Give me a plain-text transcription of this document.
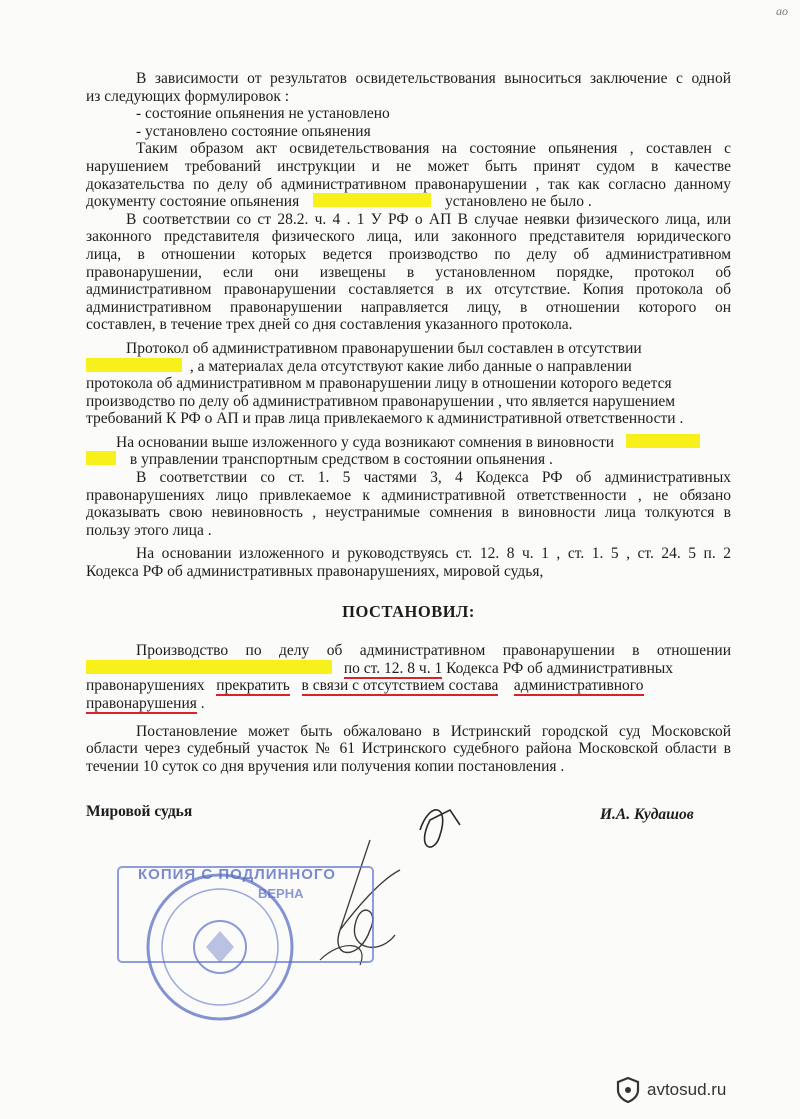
ao
В зависимости от результатов освидетельствования выноситься заключение с одной
из следующих формулировок :
- состояние опьянения не установлено
- установлено состояние опьянения
Таким образом акт освидетельствования на состояние опьянения , составлен с
нарушением требований инструкции и не может быть принят судом в качестве
доказательства по делу об административном правонарушении , так как согласно данному
документу состояние опьянения	установлено не было .
В соответствии со ст 28.2. ч. 4 . 1 У РФ о АП В случае неявки физического лица, или
законного представителя физического лица, или законного представителя юридического
лица, в отношении которых ведется производство по делу об административном
правонарушении, если они извещены в установленном порядке, протокол об
административном правонарушении составляется в их отсутствие. Копия протокола об
административном правонарушении направляется лицу, в отношении которого он
составлен, в течение трех дней со дня составления указанного протокола.
Протокол об административном правонарушении был составлен в отсутствии
, а материалах дела отсутствуют какие либо данные о направлении
протокола об административном м правонарушении лицу в отношении которого ведется
производство по делу об административном правонарушении , что является нарушением
требований К РФ о АП и прав лица привлекаемого к административной ответственности .
На основании выше изложенного у суда возникают сомнения в виновности
в управлении транспортным средством в состоянии опьянения .
В соответствии со ст. 1. 5 частями 3, 4 Кодекса РФ об административных
правонарушениях лицо привлекаемое к административной ответственности , не обязано
доказывать свою невиновность , неустранимые сомнения в виновности лица толкуются в
пользу этого лица .
На основании изложенного и руководствуясь ст. 12. 8 ч. 1 , ст. 1. 5 , ст. 24. 5 п. 2
Кодекса РФ об административных правонарушениях, мировой судья,
ПОСТАНОВИЛ:
Производство по делу об административном правонарушении в отношении
по ст. 12. 8 ч. 1 Кодекса РФ об административных
правонарушениях прекратить в связи с отсутствием состава административного
правонарушения .
Постановление может быть обжаловано в Истринский городской суд Московской
области через судебный участок № 61 Истринского судебного района Московской области в
течении 10 суток со дня вручения или получения копии постановления .
Мировой судья	И.А. Кудашов
КОПИЯ С ПОДЛИННОГО
ВЕРНА
avtosud.ru
